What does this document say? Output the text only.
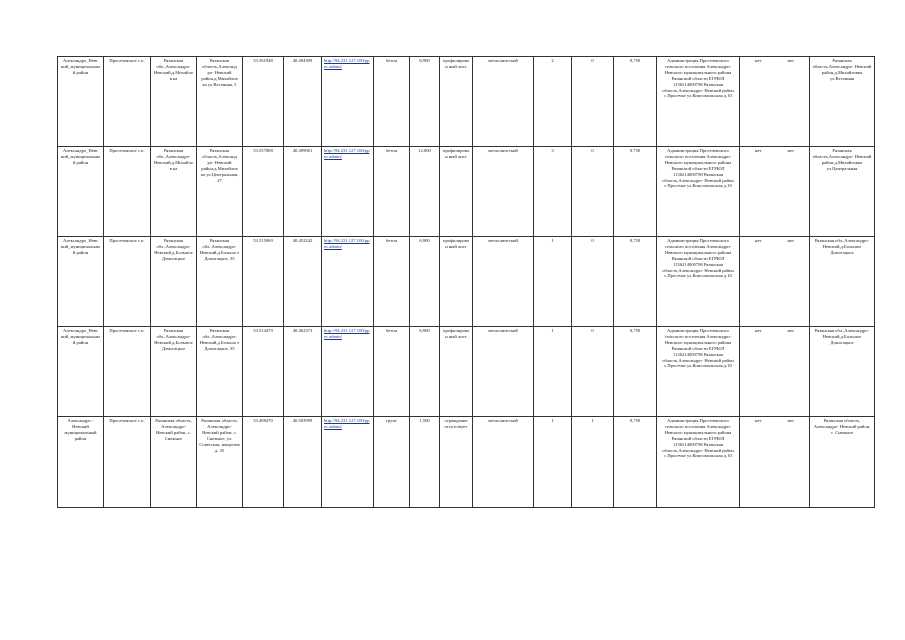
Александро_Невс кий_муниципальный район	Просеченское с.п.	Рязанская обл.,Александро- Невский,д.Михайлов ка	Рязанская область,Александ ро- Невский район,д.Михайлов ка ул.Весенняя, 5	53.561948	40.494399	http://94.231.127.100/pp ec.admin/	бетон	6,900	профилирован ный лист	металлический	2	0	0,750	Администрация Просеченского сельского поселения Александро-Невского муниципального района Рязанской области ЕГРЮЛ 1136214000798 Рязанская область,Александро- Невский район с.Просечье ул.Комсомольская д.10	нет нет	Рязанская область,Александро- Невский район,д.Михайловка ул.Весенняя
Александро_Невс кий_муниципальный район	Просеченское с.п.	Рязанская обл.,Александро- Невский,д.Михайлов ка	Рязанская область,Александ ро- Невский район,д.Михайлов ка ул.Центральная, 27	53.557808	40.499961	http://94.231.127.100/pp ec.admin/	бетон	12,000	профилирован ный лист	металлический	3	0	0,750	Администрация Просеченского сельского поселения Александро-Невского муниципального района Рязанской области ЕГРЮЛ 1136214000798 Рязанская область,Александро- Невский район с.Просечье ул.Комсомольская д.10	нет нет	Рязанская область,Александро- Невский район,д.Михайловка ул.Центральная
Александро_Невс кий_муниципальный район	Просеченское с.п.	Рязанская обл.,Александро- Невский,д.Большое Домогацкое	Рязанская обл.,Александро- Невский,д.Большо е Домогацкое, 35	53.515069	40.452242	http://94.231.127.100/pp ec.admin/	бетон	6,900	профилирован ный лист	металлический	1	0	0,750	Администрация Просеченского сельского поселения Александро-Невского муниципального района Рязанской области ЕГРЮЛ 1136214000798 Рязанская область,Александро- Невский район с.Просечье ул.Комсомольская д.10	нет нет	Рязанская обл.,Александро- Невский,д.Большое Домогацкое
Александро_Невс кий_муниципальный район	Просеченское с.п.	Рязанская обл.,Александро- Невский,д.Большое Домогацкое	Рязанская обл.,Александро- Невский,д.Большо е Домогацкое, 35	53.514479	40.462373	http://94.231.127.100/pp ec.admin/	бетон	6,900	профилирован ный лист	металлический	1	0	0,750	Администрация Просеченского сельского поселения Александро-Невского муниципального района Рязанской области ЕГРЮЛ 1136214000798 Рязанская область,Александро- Невский район с.Просечье ул.Комсомольская д.10	нет нет	Рязанская обл.,Александро- Невский,д.Большое Домогацкое
Александро - Невский муниципальный район	Просеченское с.п.	Рязанская область, Александро- Невский район, с. Снежное	Рязанская область, Александро- Невский район, с. Снежное, ул. Советская, напротив д. 35	53.498470	40.503999	http://94.231.127.100/pp ec.admin/	грунт	1,500	ограждение отсутствует	металлический	1	1	0,750	Администрация Просеченского сельского поселения Александро-Невского муниципального района Рязанской области ЕГРЮЛ 1136214000798 Рязанская область,Александро- Невский район с.Просечье ул.Комсомольская д.10	нет нет	Рязанская область, Александро- Невский район, с. Снежное
